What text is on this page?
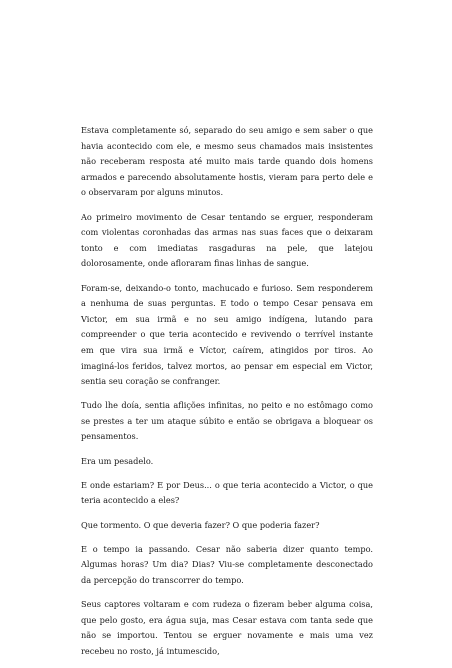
Estava completamente só, separado do seu amigo e sem saber o que havia acontecido com ele, e mesmo seus chamados mais insistentes não receberam resposta até muito mais tarde quando dois homens armados e parecendo absolutamente hostis, vieram para perto dele e o observaram por alguns minutos.

Ao primeiro movimento de Cesar tentando se erguer, responderam com violentas coronhadas das armas nas suas faces que o deixaram tonto e com imediatas rasgaduras na pele, que latejou dolorosamente, onde afloraram finas linhas de sangue.

Foram-se, deixando-o tonto, machucado e furioso. Sem responderem a nenhuma de suas perguntas. E todo o tempo Cesar pensava em Victor, em sua irmã e no seu amigo indígena, lutando para compreender o que teria acontecido e revivendo o terrível instante em que vira sua irmã e Víctor, caírem, atingidos por tiros. Ao imaginá-los feridos, talvez mortos, ao pensar em especial em Victor, sentia seu coração se confranger.

Tudo lhe doía, sentia aflições infinitas, no peito e no estômago como se prestes a ter um ataque súbito e então se obrigava a bloquear os pensamentos.

Era um pesadelo.

E onde estariam? E por Deus... o que teria acontecido a Victor, o que teria acontecido a eles?

Que tormento. O que deveria fazer? O que poderia fazer?

E o tempo ia passando. Cesar não saberia dizer quanto tempo. Algumas horas? Um dia? Dias? Viu-se completamente desconectado da percepção do transcorrer do tempo.

Seus captores voltaram e com rudeza o fizeram beber alguma coisa, que pelo gosto, era água suja, mas Cesar estava com tanta sede que não se importou. Tentou se erguer novamente e mais uma vez recebeu no rosto, já intumescido,
